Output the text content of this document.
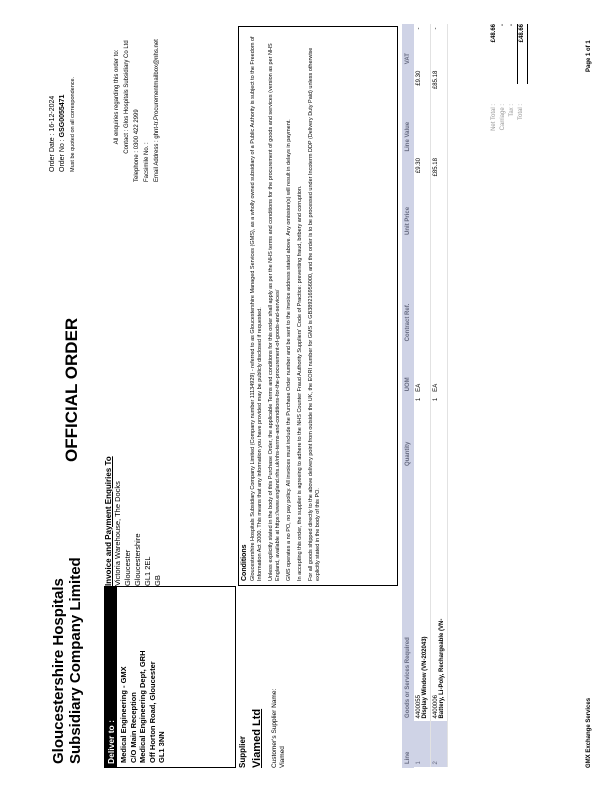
Gloucestershire Hospitals Subsidiary Company Limited
OFFICIAL ORDER
Order Date : 16-12-2024
Order No : GSG0055471 Must be quoted on all correspondence.
Deliver to : Medical Engineering - GMX C/O Main Reception Medical Engineering Dept, GRH Off Horton Road, Gloucester GL1 3NN
Invoice and Payment Enquiries To Victoria Warehouse, The Docks Gloucester Gloucestershire GL1 2EL GB
All enquiries regarding this order to: Contact : Glos Hospitals Subsidiary Co Ltd Telephone : 0300 422 2999 Facsimile No. : Email Address : ghnt-tr.Procurementmailbox@nhs.net
Supplier Viamed Ltd Customer's Supplier Name: Viamed
Conditions Gloucestershire Hospitals Subsidiary Company Limited (Company number 11134929) - referred to as Gloucestershire Managed Services (GMS), as a wholly owned subsidiary of a Public Authority is subject to the Freedom of Information Act 2000. This means that any information you have provided may be publicly disclosed if requested. Unless explicitly stated in the body of this Purchase Order, the applicable Terms and conditions for this order shall apply as per the NHS terms and conditions for the procurement of goods and services (version as per NHS England, available at https://www.england.nhs.uk/nhs-terms-and-conditions-for-the-procurement-of-goods-and-services/ GMS operates a no PO, no pay policy. All invoices must include the Purchase Order number and be sent to the invoice address stated above. Any omission(s) will result in delays in payment. In accepting this order, the supplier is agreeing to adhere to the NHS Counter Fraud Authority Suppliers' Code of Practice: preventing fraud, bribery and corruption. For all goods shipped directly to the above delivery point from outside the UK, the EORI number for GMS is GB389216956000, and the order is to be processed under Incoterm DDP (Delivery Duty Paid) unless otherwise explicitly stated in the body of this PO.

Line	Goods or Services Required	Quantity	UOM	Contract Ref.	Unit Price	Line Value	VAT
1	4400055 Display Window (VN-202043)	1	EA		£9.30	£9.30	-
2	4400006 Battery, Li-Poly, Rechargeable (VN-	1	EA		£85.18	£85.18	-
Net Total :
£48.66
Carriage :
-
Tax :
-
Total :
£48.66
GMX Exchange Services
Page 1 of 1
